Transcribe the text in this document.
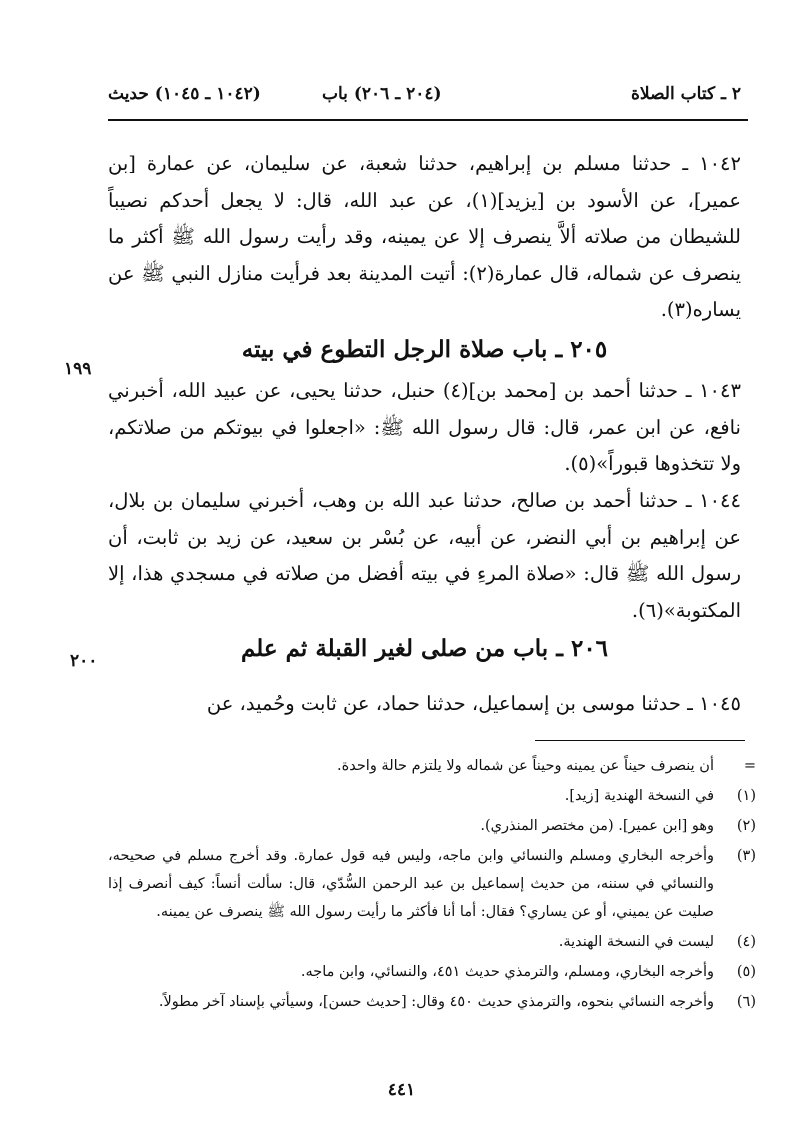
٢ ـ كتاب الصلاة
(٢٠٤ ـ ٢٠٦) باب
(١٠٤٢ ـ ١٠٤٥) حديث
١٠٤٢ ـ حدثنا مسلم بن إبراهيم، حدثنا شعبة، عن سليمان، عن عمارة [بن عمير]، عن الأسود بن [يزيد](١)، عن عبد الله، قال: لا يجعل أحدكم نصيباً للشيطان من صلاته ألاَّ ينصرف إلا عن يمينه، وقد رأيت رسول الله ﷺ أكثر ما ينصرف عن شماله، قال عمارة(٢): أتيت المدينة بعد فرأيت منازل النبي ﷺ عن يساره(٣).
٢٠٥ ـ باب صلاة الرجل التطوع في بيته
١٩٩
١٠٤٣ ـ حدثنا أحمد بن [محمد بن](٤) حنبل، حدثنا يحيى، عن عبيد الله، أخبرني نافع، عن ابن عمر، قال: قال رسول الله ﷺ: «اجعلوا في بيوتكم من صلاتكم، ولا تتخذوها قبوراً»(٥).
١٠٤٤ ـ حدثنا أحمد بن صالح، حدثنا عبد الله بن وهب، أخبرني سليمان بن بلال، عن إبراهيم بن أبي النضر، عن أبيه، عن بُسْر بن سعيد، عن زيد بن ثابت، أن رسول الله ﷺ قال: «صلاة المرءِ في بيته أفضل من صلاته في مسجدي هذا، إلا المكتوبة»(٦).
٢٠٦ ـ باب من صلى لغير القبلة ثم علم
٢٠٠
١٠٤٥ ـ حدثنا موسى بن إسماعيل، حدثنا حماد، عن ثابت وحُميد، عن
=
أن ينصرف حيناً عن يمينه وحيناً عن شماله ولا يلتزم حالة واحدة.
(١)
في النسخة الهندية [زيد].
(٢)
وهو [ابن عمير]. (من مختصر المنذري).
(٣)
وأخرجه البخاري ومسلم والنسائي وابن ماجه، وليس فيه قول عمارة. وقد أخرج مسلم في صحيحه، والنسائي في سننه، من حديث إسماعيل بن عبد الرحمن السُّدّي، قال: سألت أنساً: كيف أنصرف إذا صليت عن يميني، أو عن يساري؟ فقال: أما أنا فأكثر ما رأيت رسول الله ﷺ ينصرف عن يمينه.
(٤)
ليست في النسخة الهندية.
(٥)
وأخرجه البخاري، ومسلم، والترمذي حديث ٤٥١، والنسائي، وابن ماجه.
(٦)
وأخرجه النسائي بنحوه، والترمذي حديث ٤٥٠ وقال: [حديث حسن]، وسيأتي بإسناد آخر مطولاً.
٤٤١
